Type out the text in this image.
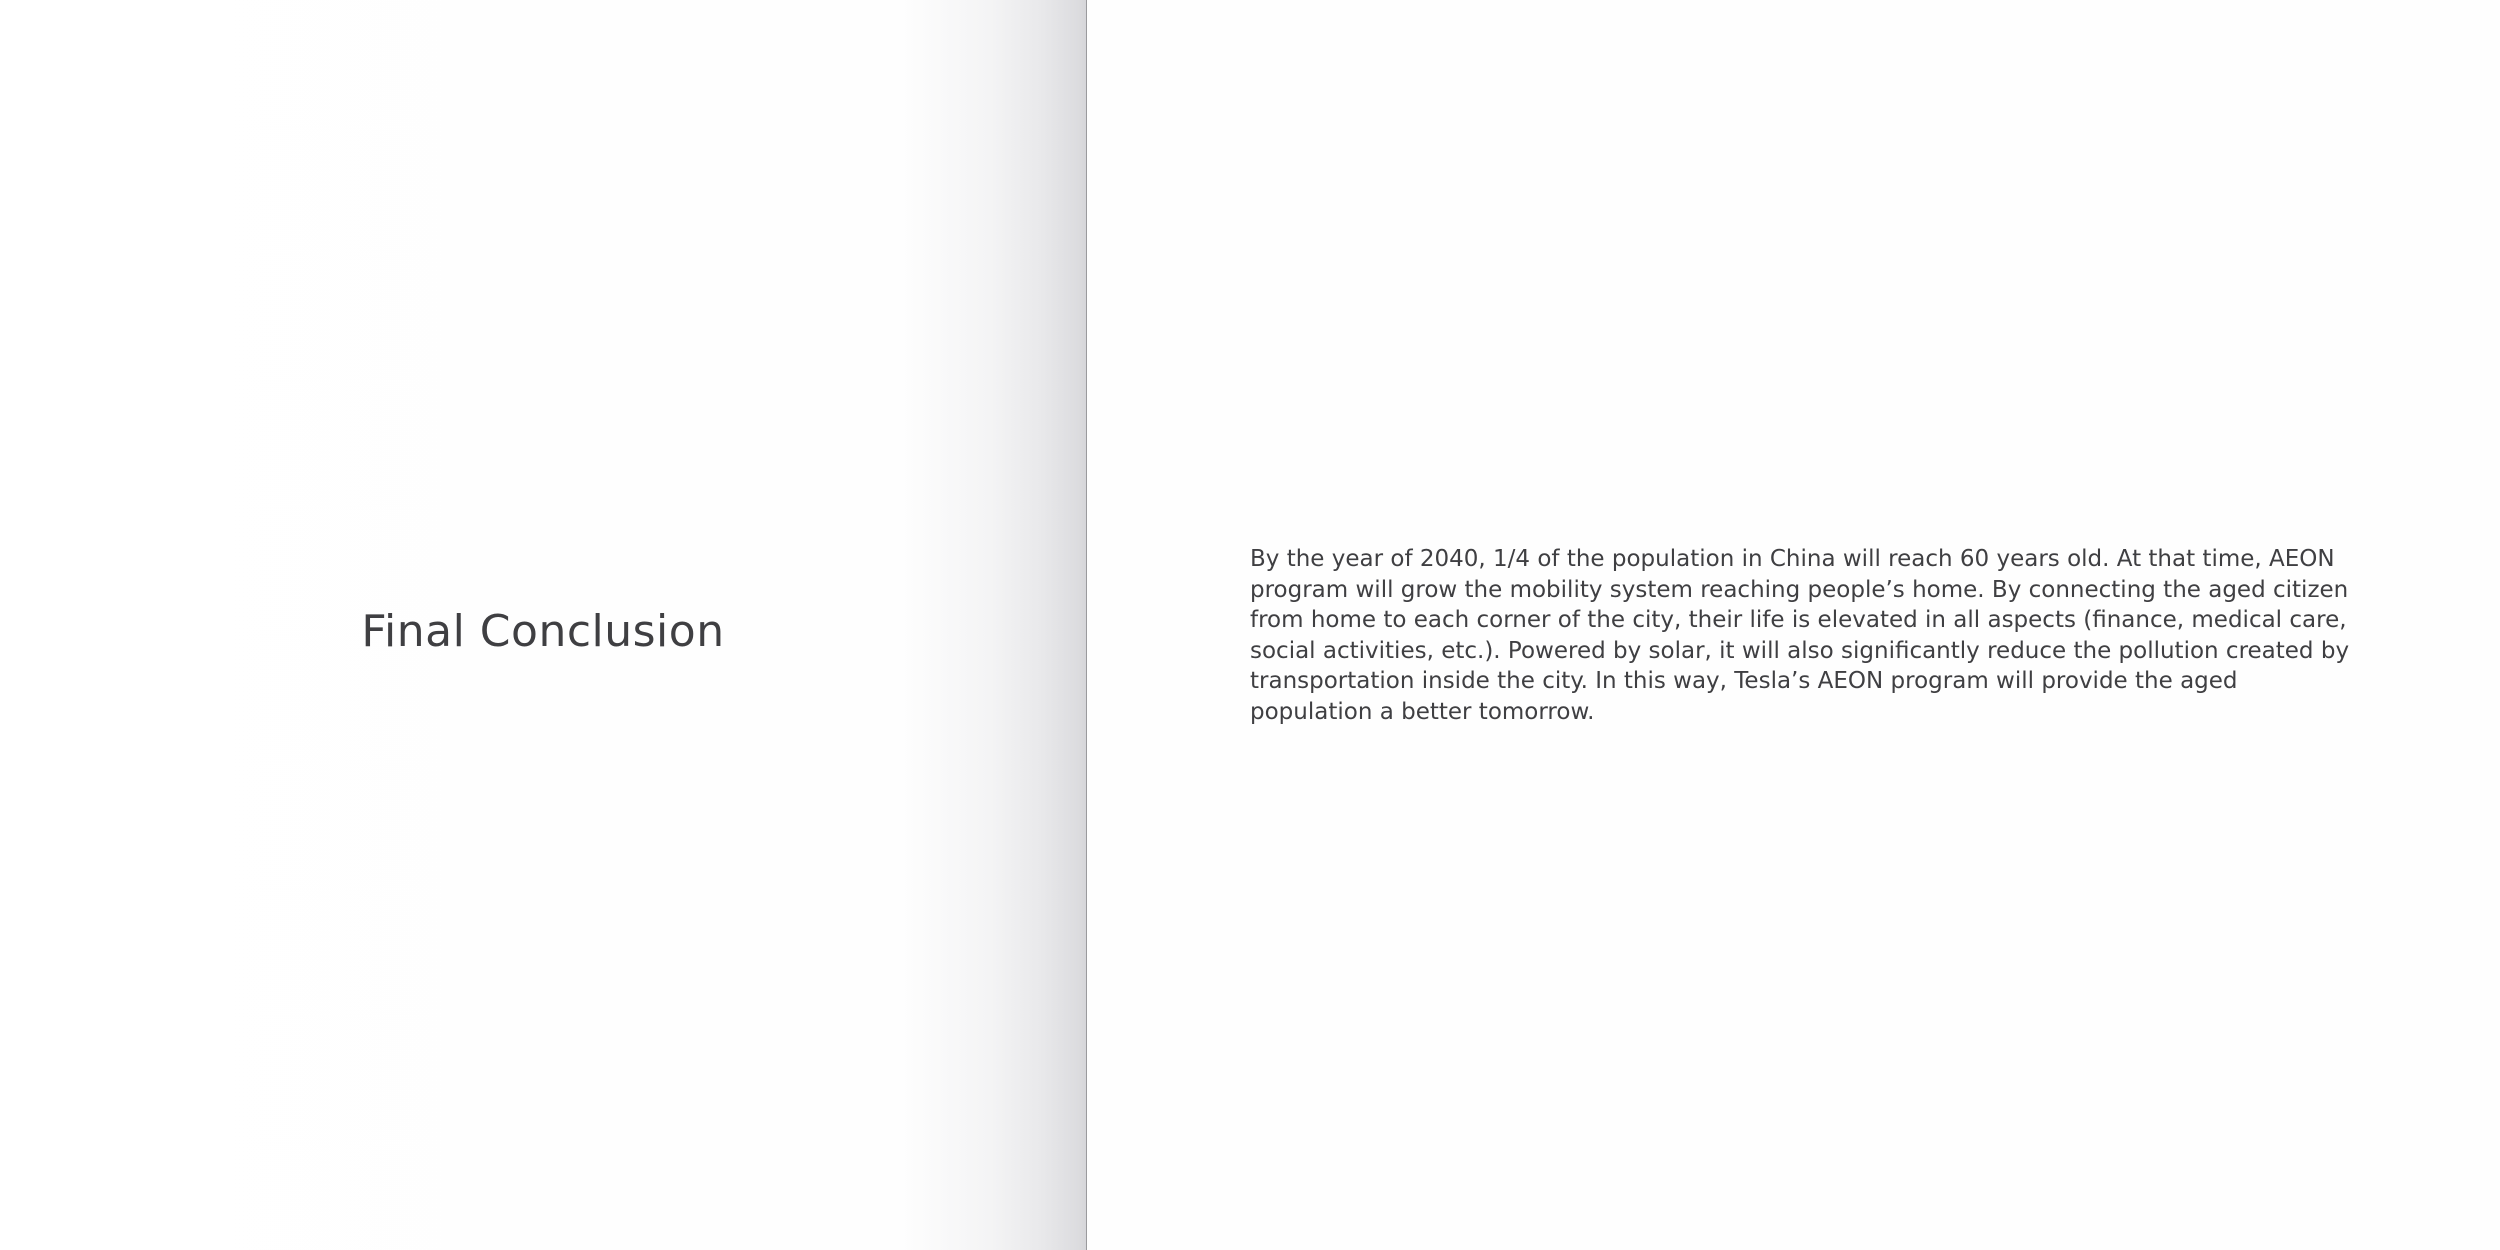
Final Conclusion

By the year of 2040, 1/4 of the population in China will reach 60 years old. At that time, AEON program will grow the mobility system reaching people’s home. By connecting the aged citizen from home to each corner of the city, their life is elevated in all aspects (finance, medical care, social activities, etc.). Powered by solar, it will also significantly reduce the pollution created by transportation inside the city. In this way, Tesla’s AEON program will provide the aged population a better tomorrow.
